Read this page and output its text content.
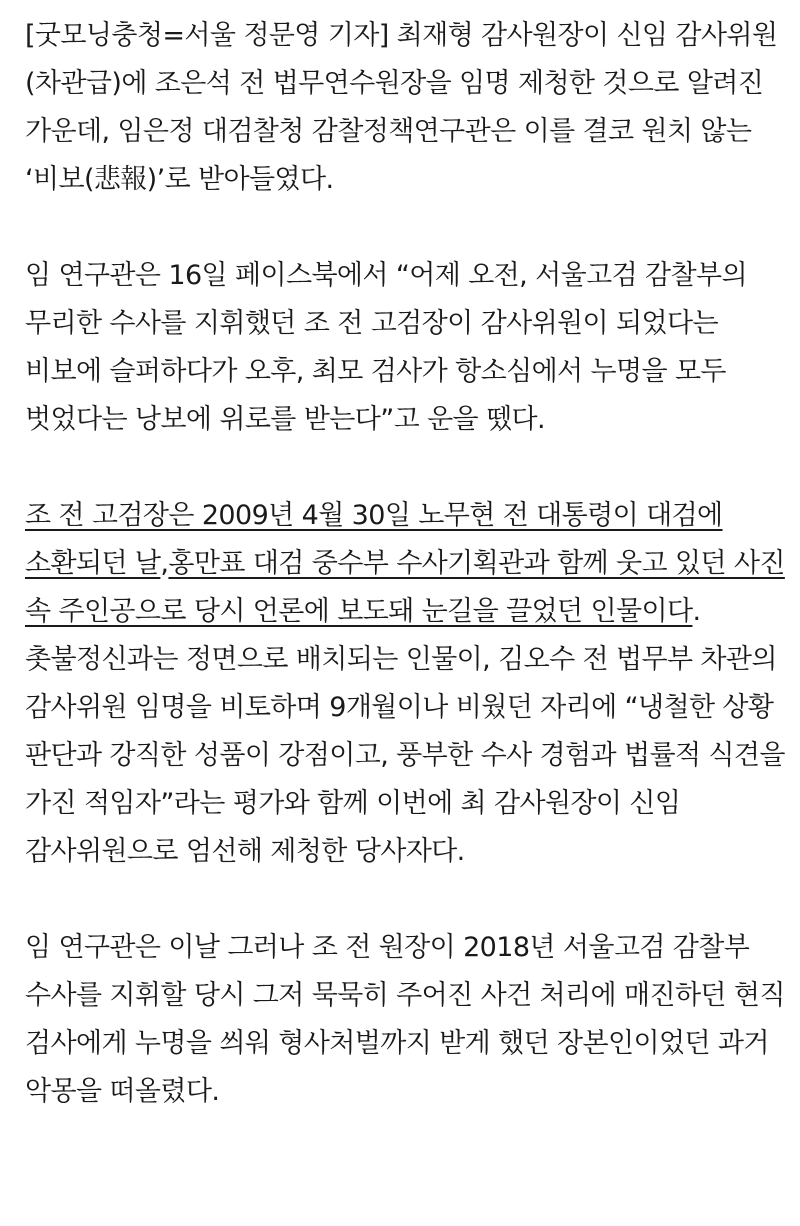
[굿모닝충청=서울 정문영 기자] 최재형 감사원장이 신임 감사위원(차관급)에 조은석 전 법무연수원장을 임명 제청한 것으로 알려진 가운데, 임은정 대검찰청 감찰정책연구관은 이를 결코 원치 않는 ‘비보(悲報)’로 받아들였다.

임 연구관은 16일 페이스북에서 “어제 오전, 서울고검 감찰부의 무리한 수사를 지휘했던 조 전 고검장이 감사위원이 되었다는 비보에 슬퍼하다가 오후, 최모 검사가 항소심에서 누명을 모두 벗었다는 낭보에 위로를 받는다”고 운을 뗐다.

조 전 고검장은 2009년 4월 30일 노무현 전 대통령이 대검에 소환되던 날,홍만표 대검 중수부 수사기획관과 함께 웃고 있던 사진 속 주인공으로 당시 언론에 보도돼 눈길을 끌었던 인물이다. 촛불정신과는 정면으로 배치되는 인물이, 김오수 전 법무부 차관의 감사위원 임명을 비토하며 9개월이나 비웠던 자리에 “냉철한 상황 판단과 강직한 성품이 강점이고, 풍부한 수사 경험과 법률적 식견을 가진 적임자”라는 평가와 함께 이번에 최 감사원장이 신임 감사위원으로 엄선해 제청한 당사자다.

임 연구관은 이날 그러나 조 전 원장이 2018년 서울고검 감찰부 수사를 지휘할 당시 그저 묵묵히 주어진 사건 처리에 매진하던 현직 검사에게 누명을 씌워 형사처벌까지 받게 했던 장본인이었던 과거 악몽을 떠올렸다.
